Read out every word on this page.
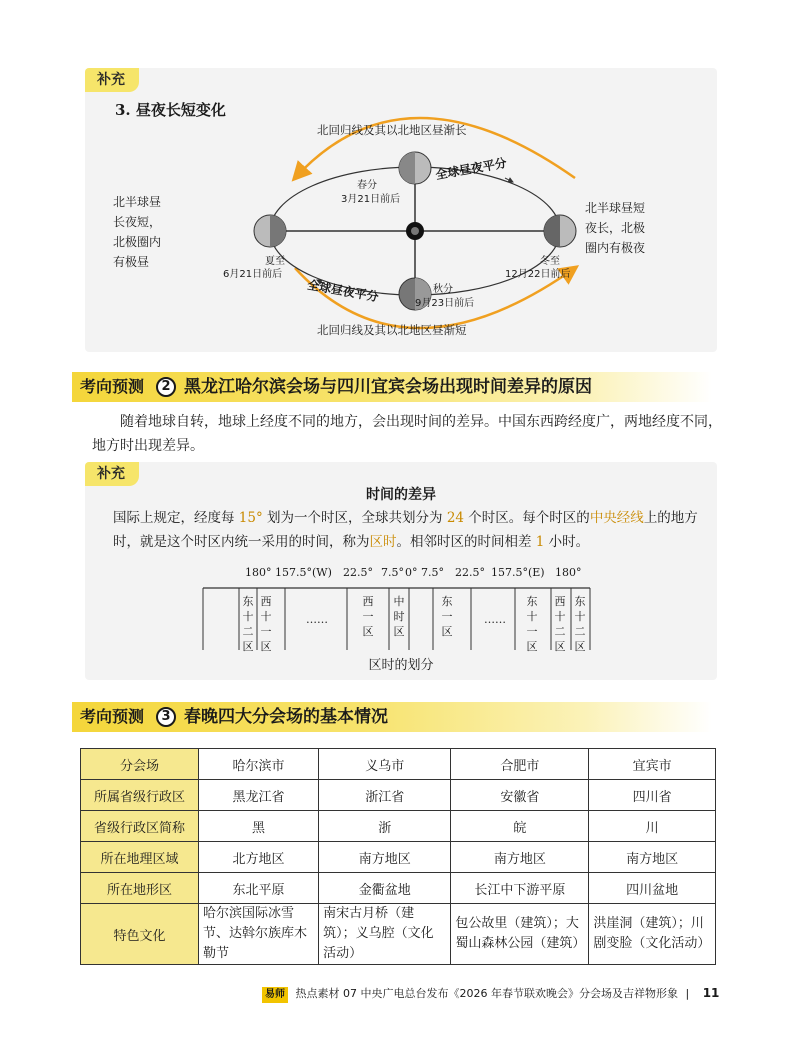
补充
3. 昼夜长短变化
北回归线及其以北地区昼渐长
北回归线及其以北地区昼渐短
全球昼夜平分
全球昼夜平分
春分
3月21日前后
夏至
6月21日前后
秋分
9月23日前后
冬至
12月22日前后
北半球昼
长夜短，
北极圈内
有极昼
北半球昼短
夜长，北极
圈内有极夜
考向预测	2 黑龙江哈尔滨会场与四川宜宾会场出现时间差异的原因
随着地球自转，地球上经度不同的地方，会出现时间的差异。中国东西跨经度广，两地经度不同，地方时出现差异。
补充
时间的差异
国际上规定，经度每 15° 划为一个时区，全球共划分为 24 个时区。每个时区的中央经线上的地方时，就是这个时区内统一采用的时间，称为区时。相邻时区的时间相差 1 小时。
180° 157.5°(W) 22.5° 7.5° 0° 7.5° 22.5° 157.5°(E) 180°
东
十
二
区
西
十
一
区
……
西
一
区
中
时
区
东
一
区
……
东
十
一
区
西
十
二
区
东
十
二
区
区时的划分
考向预测	3 春晚四大分会场的基本情况
分会场	哈尔滨市	义乌市	合肥市	宜宾市
所属省级行政区	黑龙江省	浙江省	安徽省	四川省
省级行政区简称	黑	浙	皖	川
所在地理区域	北方地区	南方地区	南方地区	南方地区
所在地形区	东北平原	金衢盆地	长江中下游平原	四川盆地
特色文化	哈尔滨国际冰雪节、达斡尔族库木勒节	南宋古月桥（建筑）；义乌腔（文化活动）	包公故里（建筑）；大蜀山森林公园（建筑）	洪崖洞（建筑）；川剧变脸（文化活动）
易师 热点素材 07 中央广电总台发布《2026 年春节联欢晚会》分会场及吉祥物形象 | 11
